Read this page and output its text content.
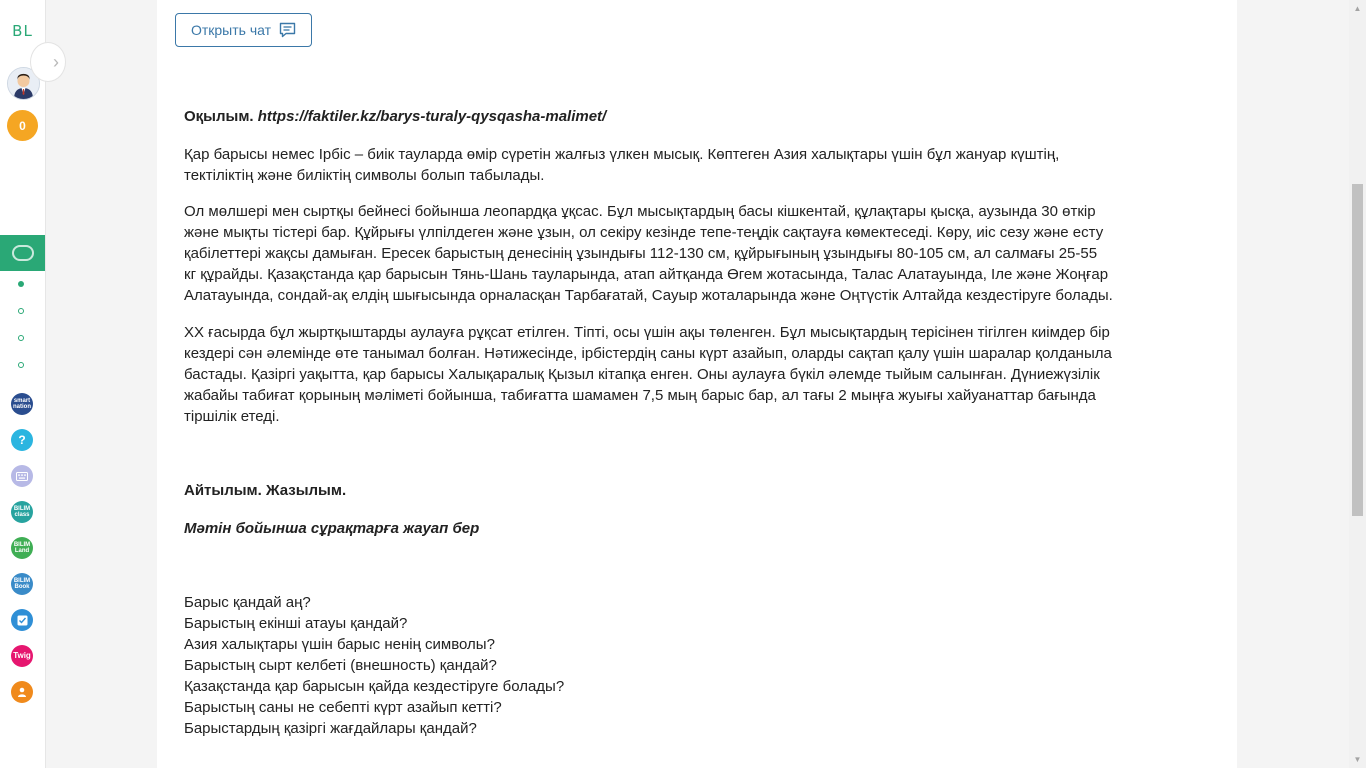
BL
›
0
smart nation
?
BILIM class
BILIM Land
BILIM Book
Twig
Открыть чат
Оқылым. https://faktiler.kz/barys-turaly-qysqasha-malimet/

Қар барысы немес Ірбіс – биік тауларда өмір сүретін жалғыз үлкен мысық. Көптеген Азия халықтары үшін бұл жануар күштің,
тектіліктің және биліктің символы болып табылады.

Ол мөлшері мен сыртқы бейнесі бойынша леопардқа ұқсас. Бұл мысықтардың басы кішкентай, құлақтары қысқа, аузында 30 өткір
және мықты тістері бар. Құйрығы үлпілдеген және ұзын, ол секіру кезінде тепе-теңдік сақтауға көмектеседі. Көру, иіс сезу және есту
қабілеттері жақсы дамыған. Ересек барыстың денесінің ұзындығы 112-130 см, құйрығының ұзындығы 80-105 см, ал салмағы 25-55
кг құрайды. Қазақстанда қар барысын Тянь-Шань тауларында, атап айтқанда Өгем жотасында, Талас Алатауында, Іле және Жоңғар
Алатауында, сондай-ақ елдің шығысында орналасқан Тарбағатай, Сауыр жоталарында және Оңтүстік Алтайда кездестіруге болады.

ХХ ғасырда бұл жыртқыштарды аулауға рұқсат етілген. Тіпті, осы үшін ақы төленген. Бұл мысықтардың терісінен тігілген киімдер бір
кездері сән әлемінде өте танымал болған. Нәтижесінде, ірбістердің саны күрт азайып, оларды сақтап қалу үшін шаралар қолданыла
бастады. Қазіргі уақытта, қар барысы Халықаралық Қызыл кітапқа енген. Оны аулауға бүкіл әлемде тыйым салынған. Дүниежүзілік
жабайы табиғат қорының мәліметі бойынша, табиғатта шамамен 7,5 мың барыс бар, ал тағы 2 мыңға жуығы хайуанаттар бағында
тіршілік етеді.

Айтылым. Жазылым.
Мәтін бойынша сұрақтарға жауап бер
Барыс қандай аң?
Барыстың екінші атауы қандай?
Азия халықтары үшін барыс ненің символы?
Барыстың сырт келбеті (внешность) қандай?
Қазақстанда қар барысын қайда кездестіруге болады?
Барыстың саны не себепті күрт азайып кетті?
Барыстардың қазіргі жағдайлары қандай?
▲
▼
